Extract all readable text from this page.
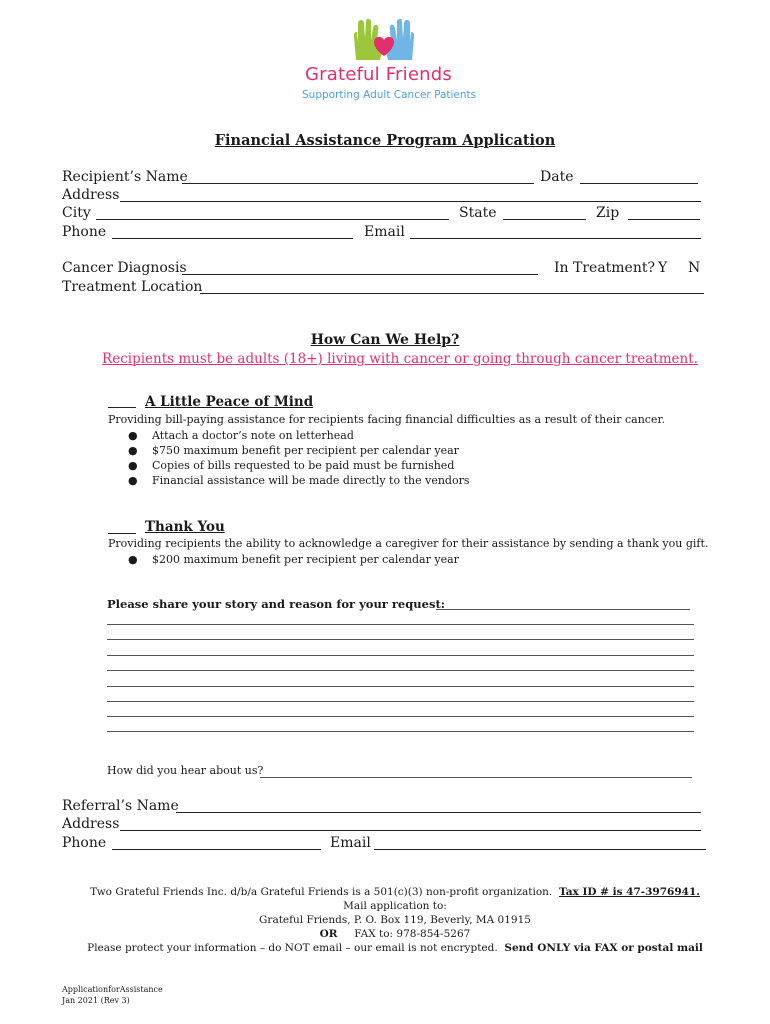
Grateful Friends
Supporting Adult Cancer Patients
Financial Assistance Program Application
Recipient’s Name	Date
Address
City	State	Zip
Phone	Email
Cancer Diagnosis	In Treatment? Y N
Treatment Location
How Can We Help?
Recipients must be adults (18+) living with cancer or going through cancer treatment.
A Little Peace of Mind
Providing bill-paying assistance for recipients facing financial difficulties as a result of their cancer.
● Attach a doctor’s note on letterhead
● $750 maximum benefit per recipient per calendar year
● Copies of bills requested to be paid must be furnished
● Financial assistance will be made directly to the vendors
Thank You
Providing recipients the ability to acknowledge a caregiver for their assistance by sending a thank you gift.
● $200 maximum benefit per recipient per calendar year
Please share your story and reason for your request:
How did you hear about us?
Referral’s Name
Address
Phone	Email
Two Grateful Friends Inc. d/b/a Grateful Friends is a 501(c)(3) non-profit organization. Tax ID # is 47-3976941.
Mail application to:
Grateful Friends, P. O. Box 119, Beverly, MA 01915
OR FAX to: 978-854-5267
Please protect your information – do NOT email – our email is not encrypted. Send ONLY via FAX or postal mail
ApplicationforAssistance
Jan 2021 (Rev 3)
